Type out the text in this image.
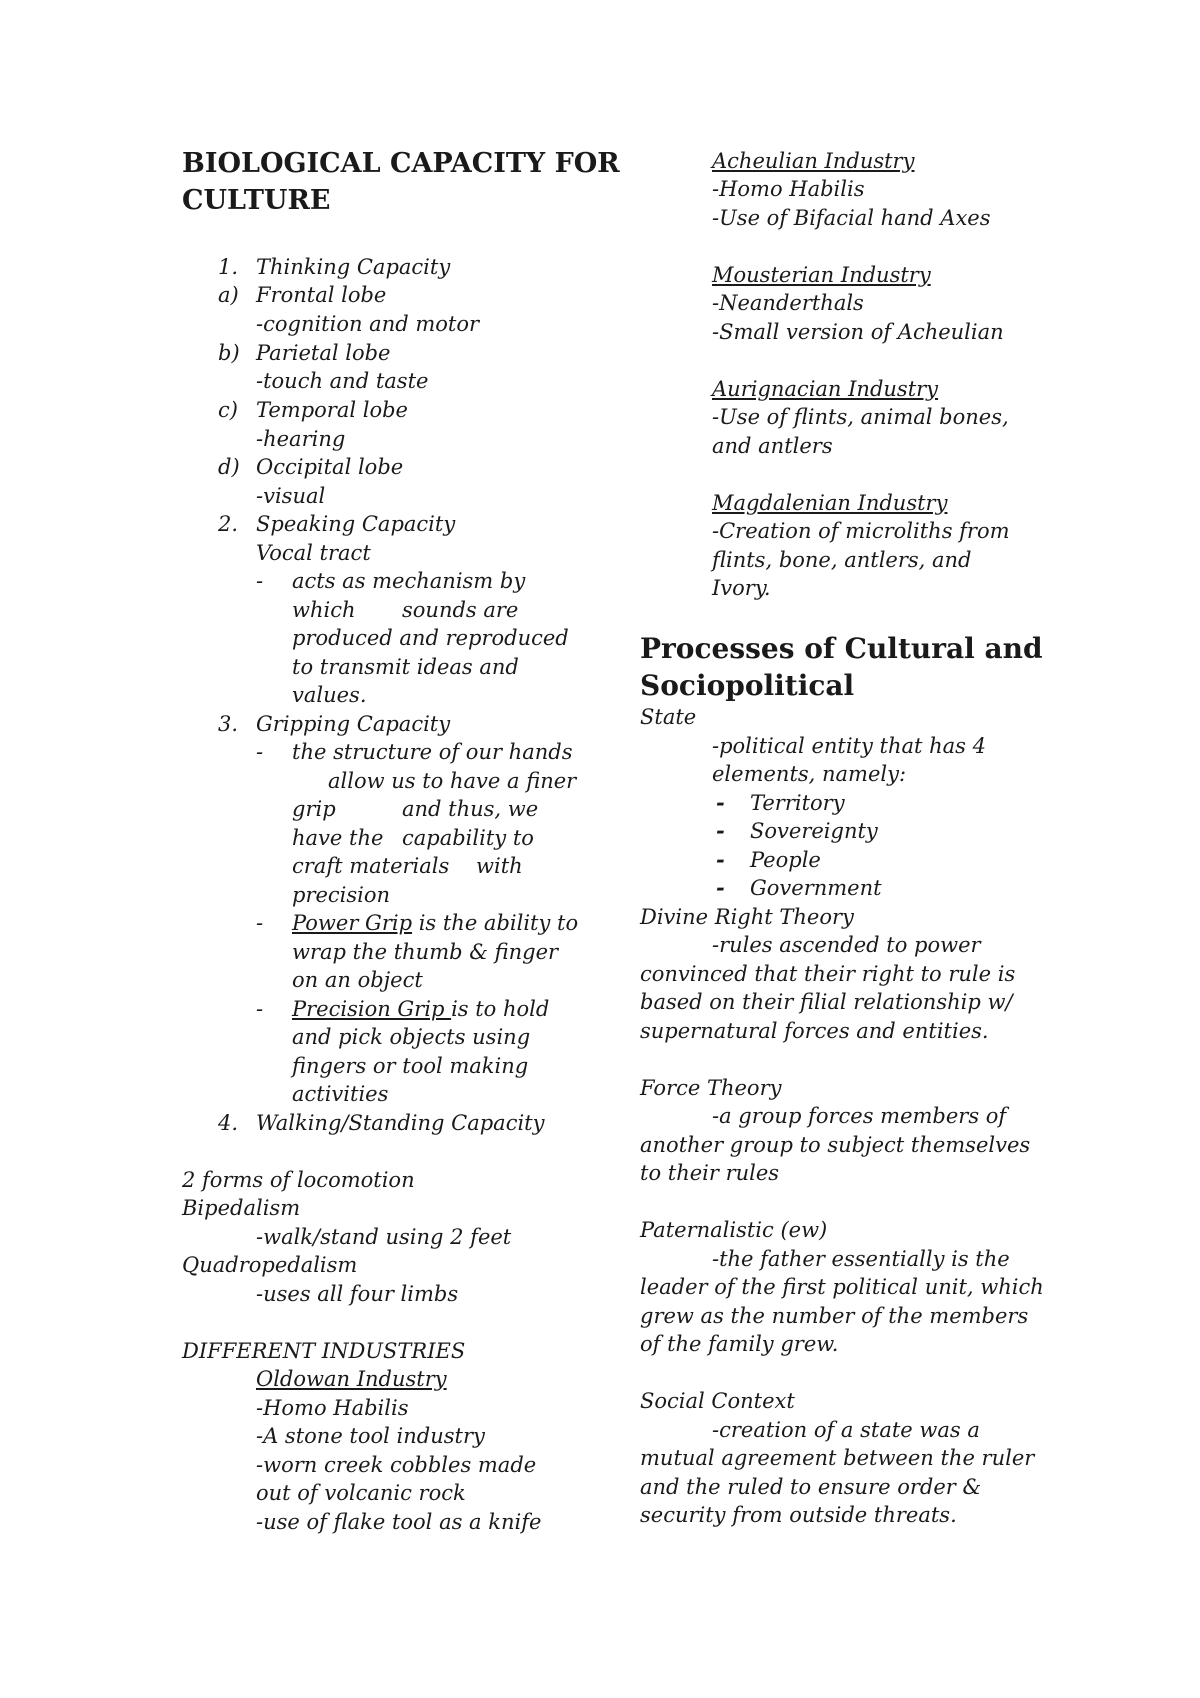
BIOLOGICAL CAPACITY FOR
CULTURE
1. Thinking Capacity
a) Frontal lobe
-cognition and motor
b) Parietal lobe
-touch and taste
c) Temporal lobe
-hearing
d) Occipital lobe
-visual
2. Speaking Capacity
Vocal tract
- acts as mechanism by
which sounds are
produced and reproduced
to transmit ideas and
values.
3. Gripping Capacity
- the structure of our hands
allow us to have a finer
grip	and thus, we
have the capability to
craft materials with
precision
- Power Grip is the ability to
wrap the thumb & finger
on an object
- Precision Grip is to hold
and pick objects using
fingers or tool making
activities
4. Walking/Standing Capacity
2 forms of locomotion
Bipedalism
-walk/stand using 2 feet
Quadropedalism
-uses all four limbs
DIFFERENT INDUSTRIES
Oldowan Industry
-Homo Habilis
-A stone tool industry
-worn creek cobbles made
out of volcanic rock
-use of flake tool as a knife
Acheulian Industry
-Homo Habilis
-Use of Bifacial hand Axes
Mousterian Industry
-Neanderthals
-Small version of Acheulian
Aurignacian Industry
-Use of flints, animal bones,
and antlers
Magdalenian Industry
-Creation of microliths from
flints, bone, antlers, and
Ivory.
Processes of Cultural and
Sociopolitical
State
-political entity that has 4
elements, namely:
- Territory
- Sovereignty
- People
- Government
Divine Right Theory
-rules ascended to power
convinced that their right to rule is
based on their filial relationship w/
supernatural forces and entities.
Force Theory
-a group forces members of
another group to subject themselves
to their rules
Paternalistic (ew)
-the father essentially is the
leader of the first political unit, which
grew as the number of the members
of the family grew.
Social Context
-creation of a state was a
mutual agreement between the ruler
and the ruled to ensure order &
security from outside threats.
